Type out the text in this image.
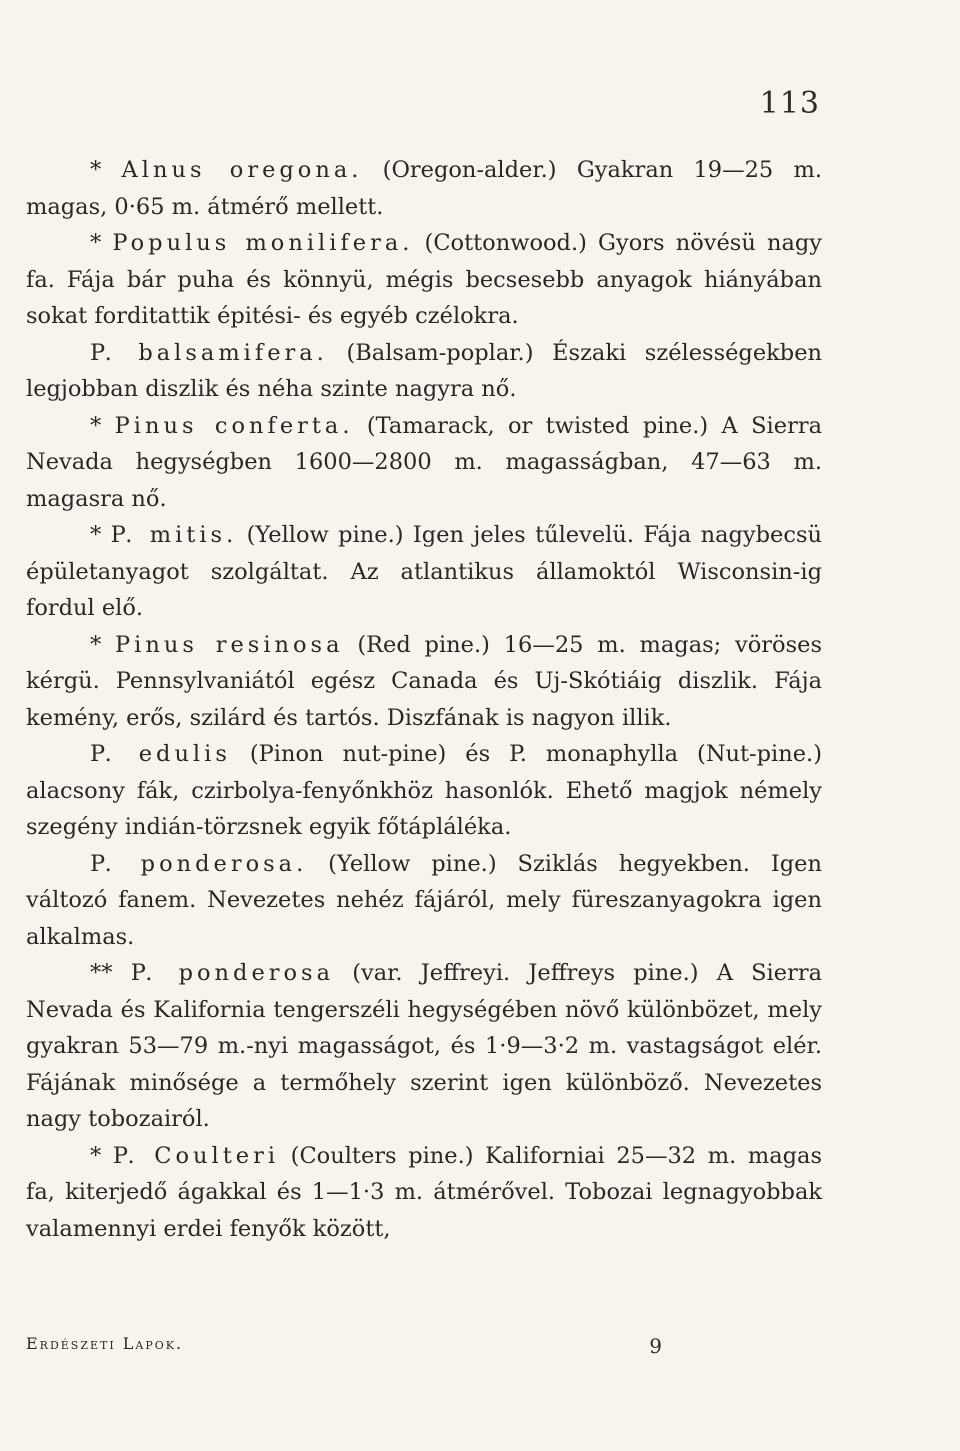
113

* Alnus oregona. (Oregon-alder.) Gyakran 19—25 m. magas, 0·65 m. átmérő mellett.

* Populus monilifera. (Cottonwood.) Gyors növésü nagy fa. Fája bár puha és könnyü, mégis becsesebb anyagok hiányában sokat forditattik épitési- és egyéb czélokra.

P. balsamifera. (Balsam-poplar.) Északi szélességekben legjobban diszlik és néha szinte nagyra nő.

* Pinus conferta. (Tamarack, or twisted pine.) A Sierra Nevada hegységben 1600—2800 m. magasságban, 47—63 m. magasra nő.

* P. mitis. (Yellow pine.) Igen jeles tűlevelü. Fája nagybecsü épületanyagot szolgáltat. Az atlantikus államoktól Wisconsin-ig fordul elő.

* Pinus resinosa (Red pine.) 16—25 m. magas; vöröses kérgü. Pennsylvaniától egész Canada és Uj-Skótiáig diszlik. Fája kemény, erős, szilárd és tartós. Diszfának is nagyon illik.

P. edulis (Pinon nut-pine) és P. monaphylla (Nut-pine.) alacsony fák, czirbolya-fenyőnkhöz hasonlók. Ehető magjok némely szegény indián-törzsnek egyik főtápláléka.

P. ponderosa. (Yellow pine.) Sziklás hegyekben. Igen változó fanem. Nevezetes nehéz fájáról, mely füreszanyagokra igen alkalmas.

** P. ponderosa (var. Jeffreyi. Jeffreys pine.) A Sierra Nevada és Kalifornia tengerszéli hegységében növő különbözet, mely gyakran 53—79 m.-nyi magasságot, és 1·9—3·2 m. vastagságot elér. Fájának minősége a termőhely szerint igen különböző. Nevezetes nagy tobozairól.

* P. Coulteri (Coulters pine.) Kaliforniai 25—32 m. magas fa, kiterjedő ágakkal és 1—1·3 m. átmérővel. Tobozai legnagyobbak valamennyi erdei fenyők között,

Erdészeti Lapok.	9
